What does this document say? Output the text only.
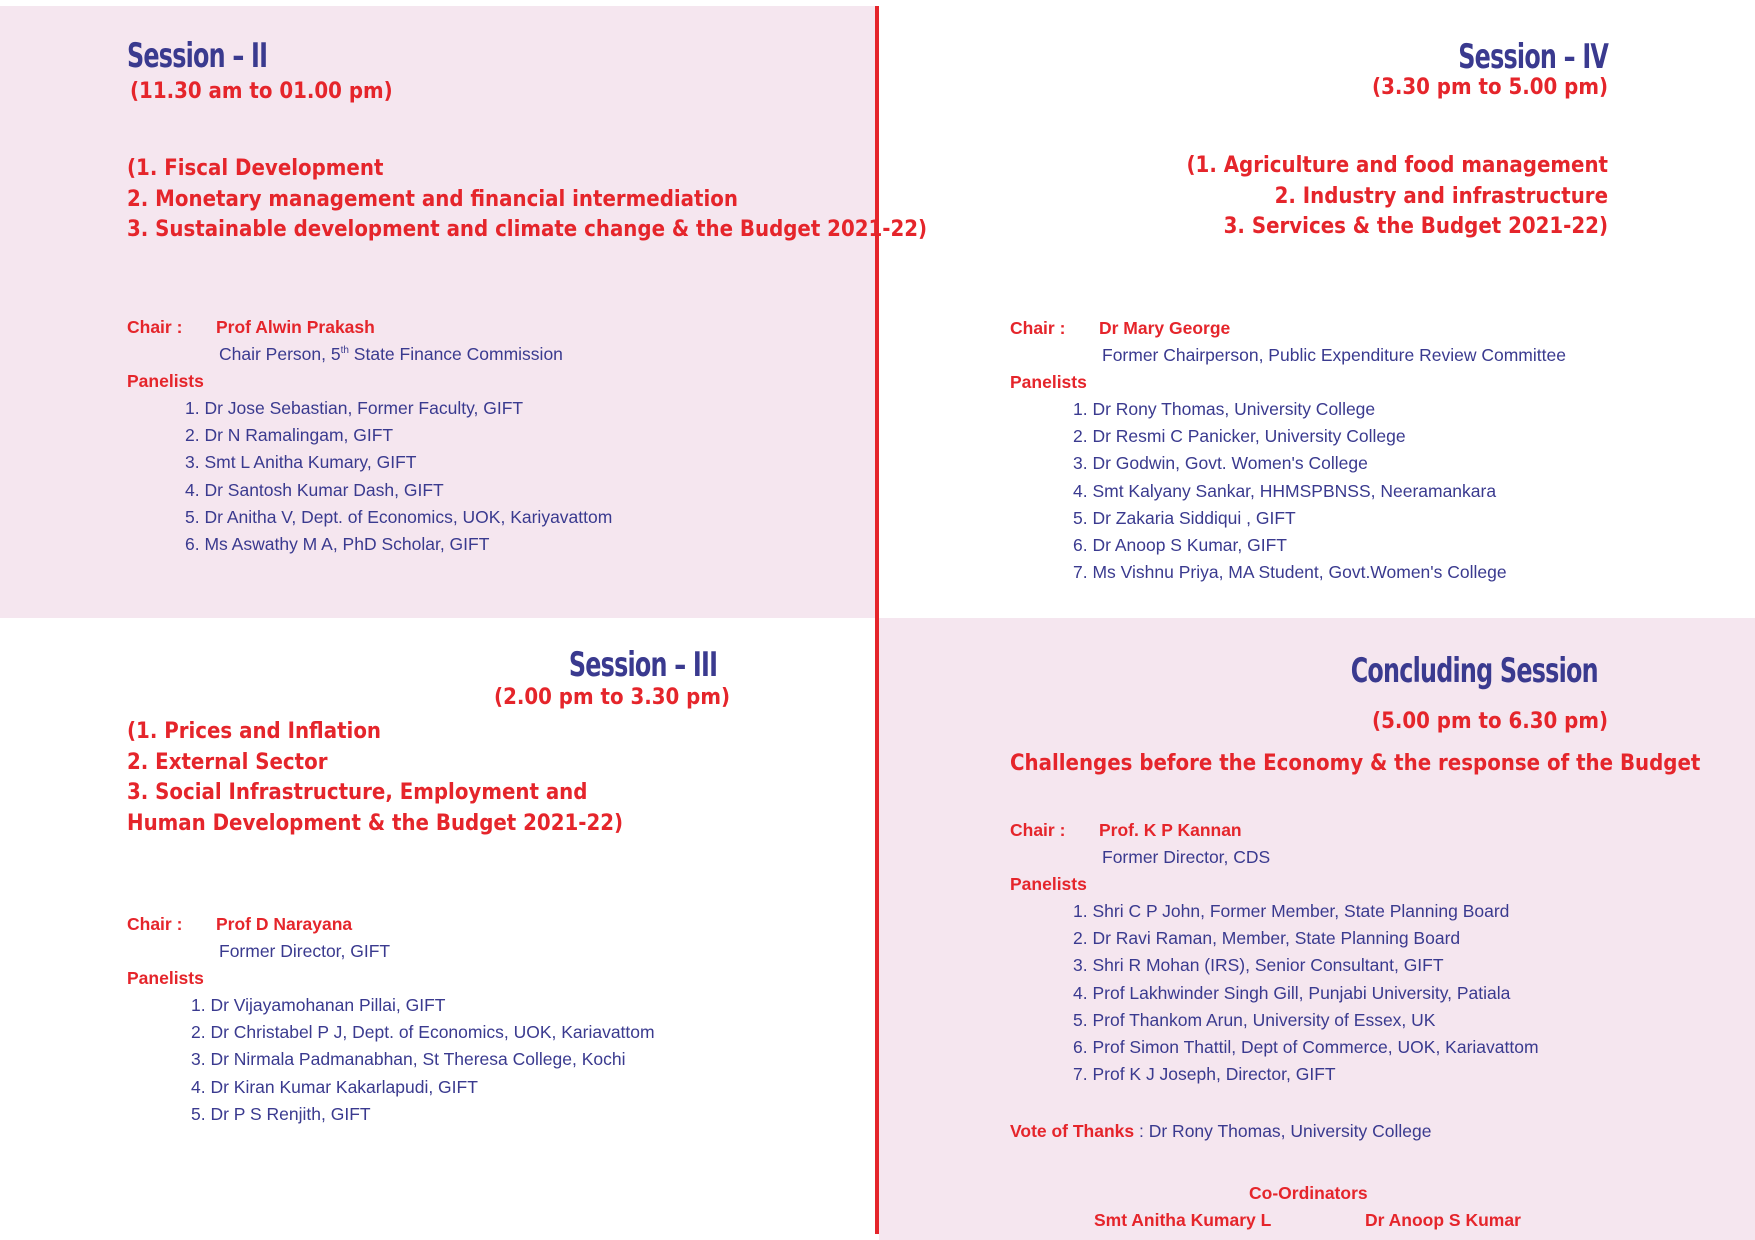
Session – II
(11.30 am to 01.00 pm)
(1. Fiscal Development
2. Monetary management and financial intermediation
3. Sustainable development and climate change & the Budget 2021-22)
Chair : Prof Alwin Prakash
Chair Person, 5th State Finance Commission
Panelists
1. Dr Jose Sebastian, Former Faculty, GIFT
2. Dr N Ramalingam, GIFT
3. Smt L Anitha Kumary, GIFT
4. Dr Santosh Kumar Dash, GIFT
5. Dr Anitha V, Dept. of Economics, UOK, Kariyavattom
6. Ms Aswathy M A, PhD Scholar, GIFT
Session – IV
(3.30 pm to 5.00 pm)
(1. Agriculture and food management
2. Industry and infrastructure
3. Services & the Budget 2021-22)
Chair : Dr Mary George
Former Chairperson, Public Expenditure Review Committee
Panelists
1. Dr Rony Thomas, University College
2. Dr Resmi C Panicker, University College
3. Dr Godwin, Govt. Women's College
4. Smt Kalyany Sankar, HHMSPBNSS, Neeramankara
5. Dr Zakaria Siddiqui , GIFT
6. Dr Anoop S Kumar, GIFT
7. Ms Vishnu Priya, MA Student, Govt.Women's College
Session – III
(2.00 pm to 3.30 pm)
(1. Prices and Inflation
2. External Sector
3. Social Infrastructure, Employment and
Human Development & the Budget 2021-22)
Chair : Prof D Narayana
Former Director, GIFT
Panelists
1. Dr Vijayamohanan Pillai, GIFT
2. Dr Christabel P J, Dept. of Economics, UOK, Kariavattom
3. Dr Nirmala Padmanabhan, St Theresa College, Kochi
4. Dr Kiran Kumar Kakarlapudi, GIFT
5. Dr P S Renjith, GIFT
Concluding Session
(5.00 pm to 6.30 pm)
Challenges before the Economy & the response of the Budget
Chair : Prof. K P Kannan
Former Director, CDS
Panelists
1. Shri C P John, Former Member, State Planning Board
2. Dr Ravi Raman, Member, State Planning Board
3. Shri R Mohan (IRS), Senior Consultant, GIFT
4. Prof Lakhwinder Singh Gill, Punjabi University, Patiala
5. Prof Thankom Arun, University of Essex, UK
6. Prof Simon Thattil, Dept of Commerce, UOK, Kariavattom
7. Prof K J Joseph, Director, GIFT
Vote of Thanks : Dr Rony Thomas, University College
Co-Ordinators
Smt Anitha Kumary L	Dr Anoop S Kumar
